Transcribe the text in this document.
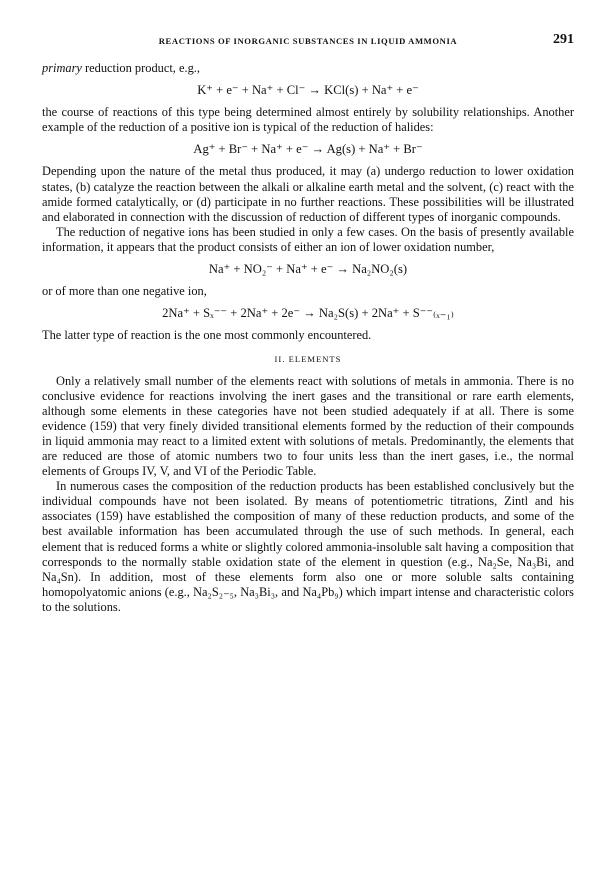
REACTIONS OF INORGANIC SUBSTANCES IN LIQUID AMMONIA	291

primary reduction product, e.g.,

K⁺ + e⁻ + Na⁺ + Cl⁻ → KCl(s) + Na⁺ + e⁻

the course of reactions of this type being determined almost entirely by solubility relationships. Another example of the reduction of a positive ion is typical of the reduction of halides:

Ag⁺ + Br⁻ + Na⁺ + e⁻ → Ag(s) + Na⁺ + Br⁻

Depending upon the nature of the metal thus produced, it may (a) undergo reduction to lower oxidation states, (b) catalyze the reaction between the alkali or alkaline earth metal and the solvent, (c) react with the amide formed catalytically, or (d) participate in no further reactions. These possibilities will be illustrated and elaborated in connection with the discussion of reduction of different types of inorganic compounds.

The reduction of negative ions has been studied in only a few cases. On the basis of presently available information, it appears that the product consists of either an ion of lower oxidation number,

Na⁺ + NO₂⁻ + Na⁺ + e⁻ → Na₂NO₂(s)

or of more than one negative ion,

2Na⁺ + Sₓ⁻⁻ + 2Na⁺ + 2e⁻ → Na₂S(s) + 2Na⁺ + S⁻⁻₍ₓ₋₁₎

The latter type of reaction is the one most commonly encountered.

II. ELEMENTS

Only a relatively small number of the elements react with solutions of metals in ammonia. There is no conclusive evidence for reactions involving the inert gases and the transitional or rare earth elements, although some elements in these categories have not been studied adequately if at all. There is some evidence (159) that very finely divided transitional elements formed by the reduction of their compounds in liquid ammonia may react to a limited extent with solutions of metals. Predominantly, the elements that are reduced are those of atomic numbers two to four units less than the inert gases, i.e., the normal elements of Groups IV, V, and VI of the Periodic Table.

In numerous cases the composition of the reduction products has been established conclusively but the individual compounds have not been isolated. By means of potentiometric titrations, Zintl and his associates (159) have established the composition of many of these reduction products, and some of the best available information has been accumulated through the use of such methods. In general, each element that is reduced forms a white or slightly colored ammonia-insoluble salt having a composition that corresponds to the normally stable oxidation state of the element in question (e.g., Na₂Se, Na₃Bi, and Na₄Sn). In addition, most of these elements form also one or more soluble salts containing homopolyatomic anions (e.g., Na₂S₂₋₅, Na₃Bi₃, and Na₄Pb₉) which impart intense and characteristic colors to the solutions.
